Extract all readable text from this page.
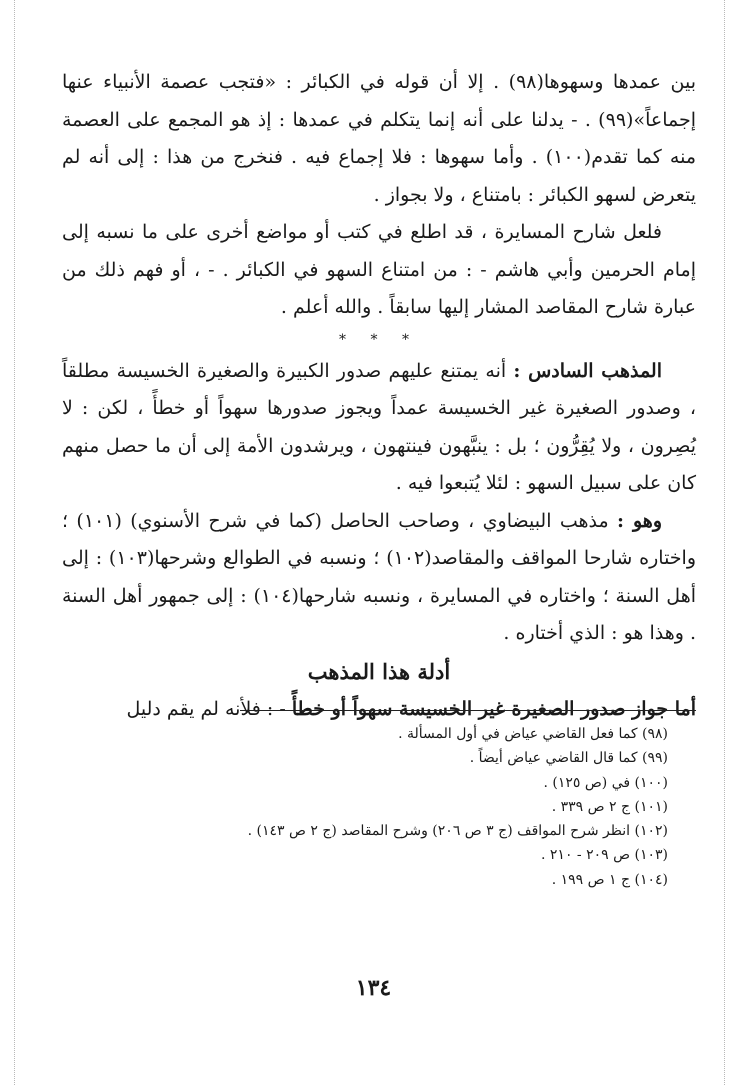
بين عمدها وسهوها(٩٨) . إلا أن قوله في الكبائر : «فتجب عصمة الأنبياء عنها إجماعاً»(٩٩) . - يدلنا على أنه إنما يتكلم في عمدها : إذ هو المجمع على العصمة منه كما تقدم(١٠٠) . وأما سهوها : فلا إجماع فيه . فنخرج من هذا : إلى أنه لم يتعرض لسهو الكبائر : بامتناع ، ولا بجواز .

فلعل شارح المسايرة ، قد اطلع في كتب أو مواضع أخرى على ما نسبه إلى إمام الحرمين وأبي هاشم - : من امتناع السهو في الكبائر . - ، أو فهم ذلك من عبارة شارح المقاصد المشار إليها سابقاً . والله أعلم .

* * *

المذهب السادس : أنه يمتنع عليهم صدور الكبيرة والصغيرة الخسيسة مطلقاً ، وصدور الصغيرة غير الخسيسة عمداً ويجوز صدورها سهواً أو خطأً ، لكن : لا يُصِرون ، ولا يُقِرُّون ؛ بل : ينبَّهون فينتهون ، ويرشدون الأمة إلى أن ما حصل منهم كان على سبيل السهو : لئلا يُتبعوا فيه .

وهو : مذهب البيضاوي ، وصاحب الحاصل (كما في شرح الأسنوي) (١٠١) ؛ واختاره شارحا المواقف والمقاصد(١٠٢) ؛ ونسبه في الطوالع وشرحها(١٠٣) : إلى أهل السنة ؛ واختاره في المسايرة ، ونسبه شارحها(١٠٤) : إلى جمهور أهل السنة . وهذا هو : الذي أختاره .

أدلة هذا المذهب

أما جواز صدور الصغيرة غير الخسيسة سهواً أو خطأً - : فلأنه لم يقم دليل

(٩٨) كما فعل القاضي عياض في أول المسألة .

(٩٩) كما قال القاضي عياض أيضاً .

(١٠٠) في (ص ١٢٥) .

(١٠١) ج ٢ ص ٣٣٩ .

(١٠٢) انظر شرح المواقف (ج ٣ ص ٢٠٦) وشرح المقاصد (ج ٢ ص ١٤٣) .

(١٠٣) ص ٢٠٩ - ٢١٠ .

(١٠٤) ج ١ ص ١٩٩ .

١٣٤
